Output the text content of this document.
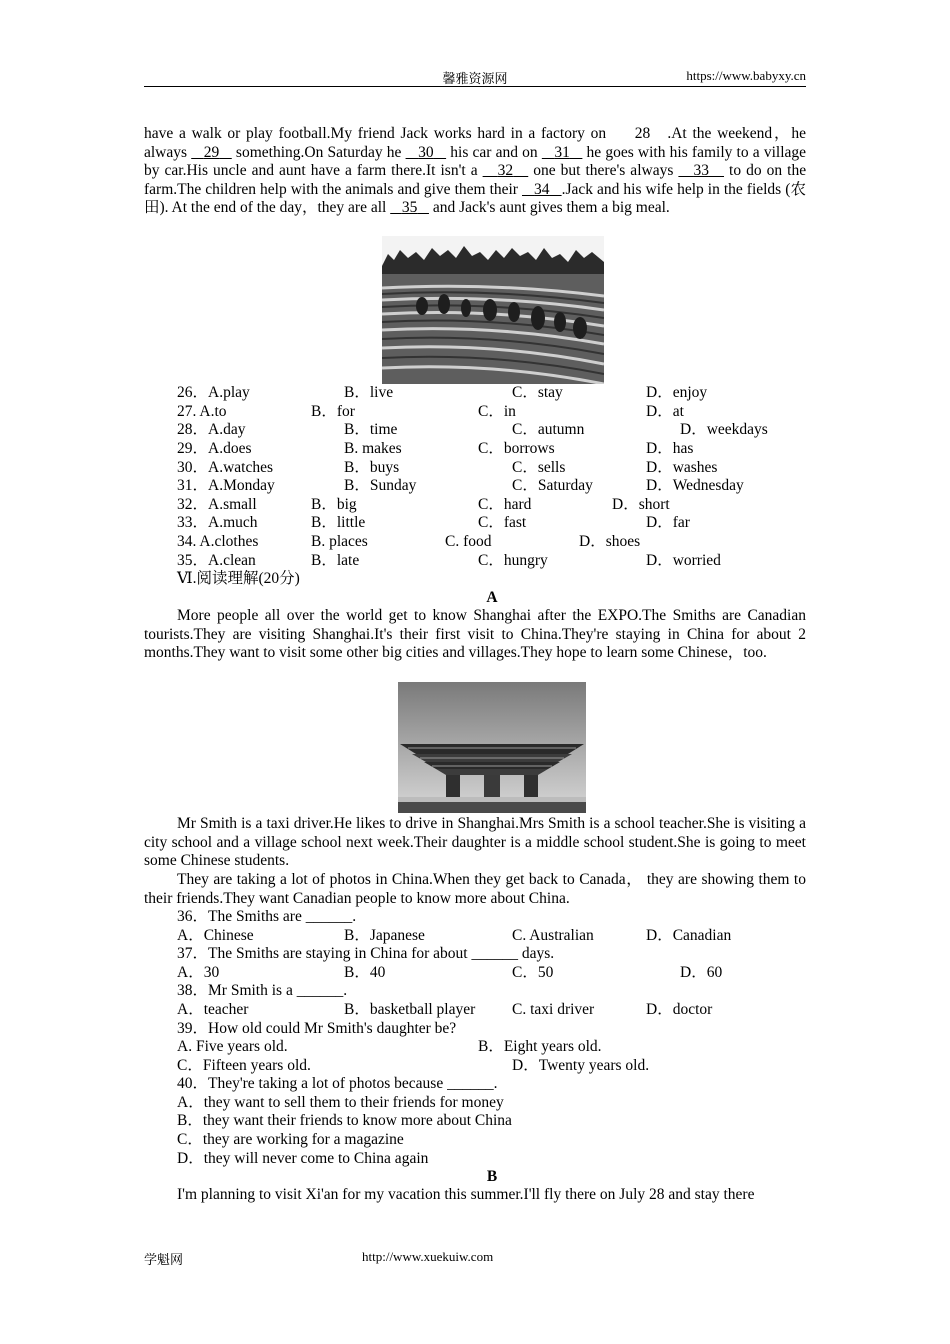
馨雅资源网	https://www.babyxy.cn
have a walk or play football.My friend Jack works hard in a factory on 28 .At the weekend，he always 29 something.On Saturday he 30 his car and on 31 he goes with his family to a village by car.His uncle and aunt have a farm there.It isn't a 32 one but there's always 33 to do on the farm.The children help with the animals and give them their 34 .Jack and his wife help in the fields (农田). At the end of the day，they are all 35 and Jack's aunt gives them a big meal.
26．A.play	B．live	C．stay	D．enjoy
27. A.to	B．for	C．in	D．at
28．A.day	B．time	C．autumn	D．weekdays
29．A.does	B. makes	C．borrows	D．has
30．A.watches	B．buys	C．sells	D．washes
31．A.Monday	B．Sunday	C．Saturday	D．Wednesday
32．A.small	B．big	C．hard	D．short
33．A.much	B．little	C．fast	D．far
34. A.clothes	B. places	C. food	D．shoes
35．A.clean	B．late	C．hungry	D．worried
Ⅵ.阅读理解(20分)
A
More people all over the world get to know Shanghai after the EXPO.The Smiths are Canadian tourists.They are visiting Shanghai.It's their first visit to China.They're staying in China for about 2 months.They want to visit some other big cities and villages.They hope to learn some Chinese，too.
Mr Smith is a taxi driver.He likes to drive in Shanghai.Mrs Smith is a school teacher.She is visiting a city school and a village school next week.Their daughter is a middle school student.She is going to meet some Chinese students.
They are taking a lot of photos in China.When they get back to Canada， they are showing them to their friends.They want Canadian people to know more about China.
36．The Smiths are ______.
A．Chinese	B．Japanese	C. Australian	D．Canadian
37．The Smiths are staying in China for about ______ days.
A．30	B．40	C．50	D．60
38．Mr Smith is a ______.
A．teacher	B．basketball player C. taxi driver	D．doctor
39．How old could Mr Smith's daughter be?
A. Five years old.	B．Eight years old.
C．Fifteen years old.	D．Twenty years old.
40．They're taking a lot of photos because ______.
A．they want to sell them to their friends for money
B．they want their friends to know more about China
C．they are working for a magazine
D．they will never come to China again
B
I'm planning to visit Xi'an for my vacation this summer.I'll fly there on July 28 and stay there
学魁网	http://www.xuekuiw.com
